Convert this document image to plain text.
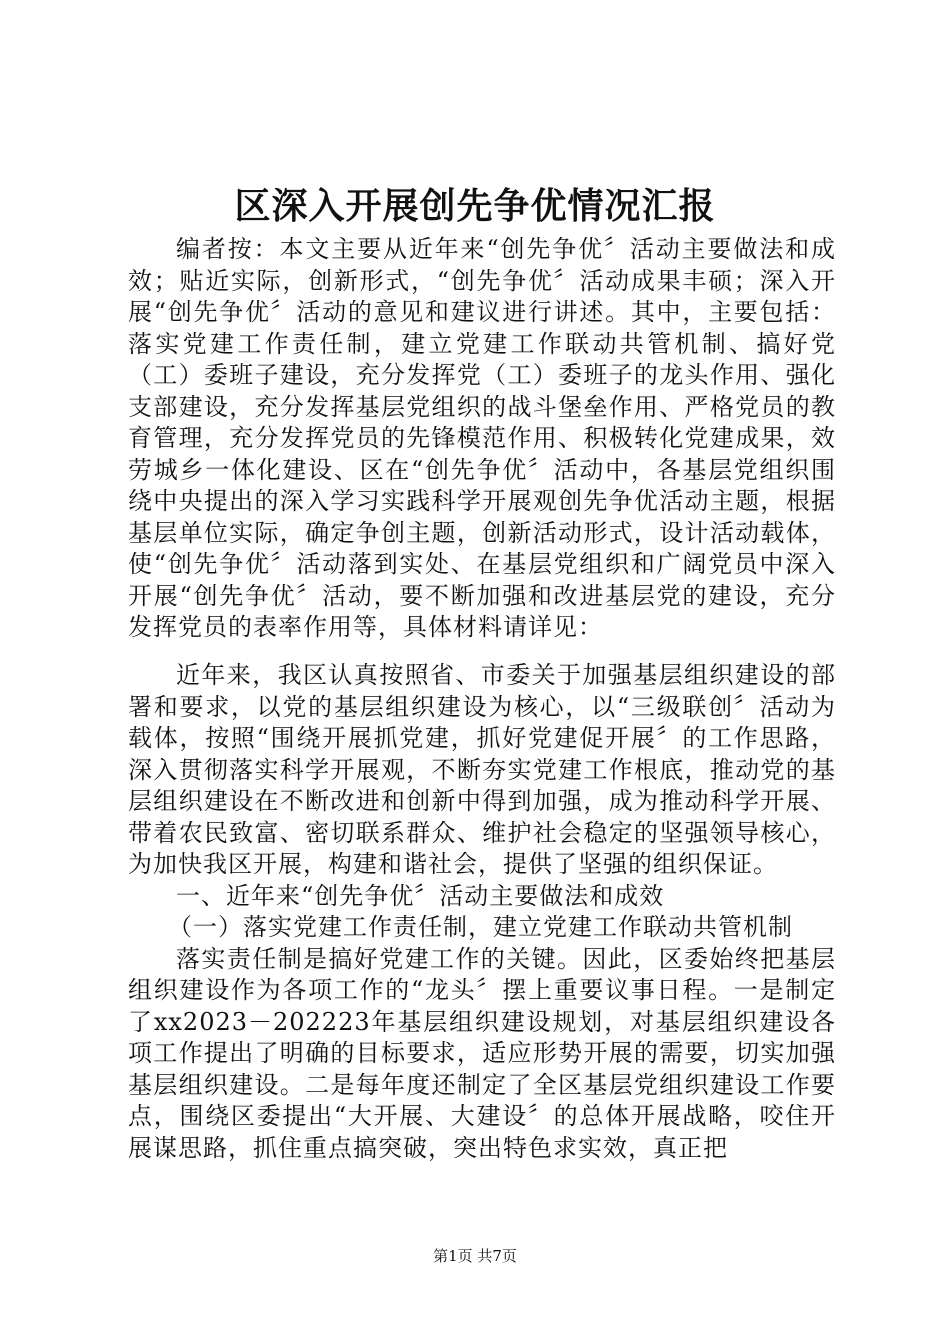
区深入开展创先争优情况汇报

编者按：本文主要从近年来“创先争优〞活动主要做法和成效；贴近实际，创新形式，“创先争优〞活动成果丰硕；深入开展“创先争优〞活动的意见和建议进行讲述。其中，主要包括：落实党建工作责任制，建立党建工作联动共管机制、搞好党（工）委班子建设，充分发挥党（工）委班子的龙头作用、强化支部建设，充分发挥基层党组织的战斗堡垒作用、严格党员的教育管理，充分发挥党员的先锋模范作用、积极转化党建成果，效劳城乡一体化建设、区在“创先争优〞活动中，各基层党组织围绕中央提出的深入学习实践科学开展观创先争优活动主题，根据基层单位实际，确定争创主题，创新活动形式，设计活动载体，使“创先争优〞活动落到实处、在基层党组织和广阔党员中深入开展“创先争优〞活动，要不断加强和改进基层党的建设，充分发挥党员的表率作用等，具体材料请详见：

近年来，我区认真按照省、市委关于加强基层组织建设的部署和要求，以党的基层组织建设为核心，以“三级联创〞活动为载体，按照“围绕开展抓党建，抓好党建促开展〞的工作思路，深入贯彻落实科学开展观，不断夯实党建工作根底，推动党的基层组织建设在不断改进和创新中得到加强，成为推动科学开展、带着农民致富、密切联系群众、维护社会稳定的坚强领导核心，为加快我区开展，构建和谐社会，提供了坚强的组织保证。

一、近年来“创先争优〞活动主要做法和成效
（一）落实党建工作责任制，建立党建工作联动共管机制

落实责任制是搞好党建工作的关键。因此，区委始终把基层组织建设作为各项工作的“龙头〞摆上重要议事日程。一是制定了xx2023－202223年基层组织建设规划，对基层组织建设各项工作提出了明确的目标要求，适应形势开展的需要，切实加强基层组织建设。二是每年度还制定了全区基层党组织建设工作要点，围绕区委提出“大开展、大建设〞的总体开展战略，咬住开展谋思路，抓住重点搞突破，突出特色求实效，真正把

第1页 共7页
